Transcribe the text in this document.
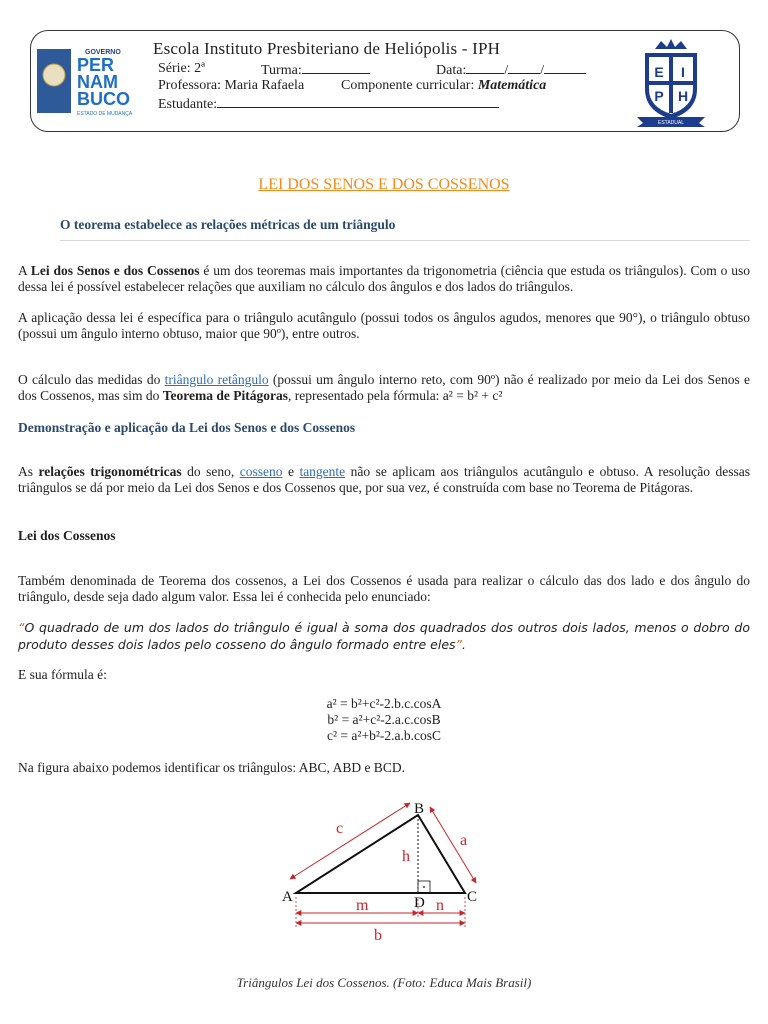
GOVERNO
PER
NAM
BUCO
ESTADO DE MUDANÇA
Escola Instituto Presbiteriano de Heliópolis - IPH
Série: 2ª	Turma:	Data:	/ /
Professora: Maria Rafaela	Componente curricular: Matemática
Estudante:
E I
P H
ESTADUAL
LEI DOS SENOS E DOS COSSENOS
O teorema estabelece as relações métricas de um triângulo
A Lei dos Senos e dos Cossenos é um dos teoremas mais importantes da trigonometria (ciência que estuda os triângulos). Com o uso dessa lei é possível estabelecer relações que auxiliam no cálculo dos ângulos e dos lados do triângulos.
A aplicação dessa lei é específica para o triângulo acutângulo (possui todos os ângulos agudos, menores que 90°), o triângulo obtuso (possui um ângulo interno obtuso, maior que 90º), entre outros.
O cálculo das medidas do triângulo retângulo (possui um ângulo interno reto, com 90º) não é realizado por meio da Lei dos Senos e dos Cossenos, mas sim do Teorema de Pitágoras, representado pela fórmula: a² = b² + c²
Demonstração e aplicação da Lei dos Senos e dos Cossenos
As relações trigonométricas do seno, cosseno e tangente não se aplicam aos triângulos acutângulo e obtuso. A resolução dessas triângulos se dá por meio da Lei dos Senos e dos Cossenos que, por sua vez, é construída com base no Teorema de Pitágoras.
Lei dos Cossenos
Também denominada de Teorema dos cossenos, a Lei dos Cossenos é usada para realizar o cálculo das dos lado e dos ângulo do triângulo, desde seja dado algum valor. Essa lei é conhecida pelo enunciado:
“O quadrado de um dos lados do triângulo é igual à soma dos quadrados dos outros dois lados, menos o dobro do produto desses dois lados pelo cosseno do ângulo formado entre eles”.
E sua fórmula é:
a² = b²+c²-2.b.c.cosA
b² = a²+c²-2.a.c.cosB
c² = a²+b²-2.a.b.cosC
Na figura abaixo podemos identificar os triângulos: ABC, ABD e BCD.
A
B
C
D
c
a
h
m	n
b
Triângulos Lei dos Cossenos. (Foto: Educa Mais Brasil)
